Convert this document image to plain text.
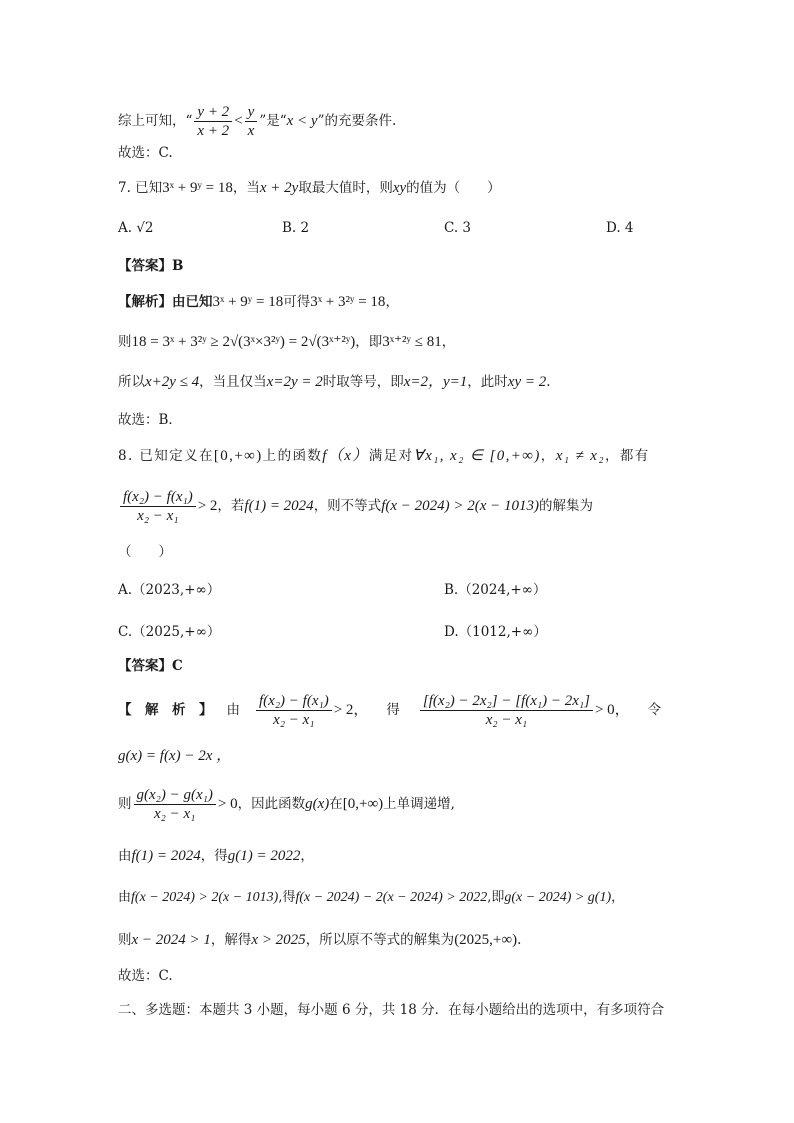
综上可知，“ $\frac{y + 2}{x + 2} < \frac{y}{x}$ ”是“x < y”的充要条件.
故选：C.
7. 已知3ˣ + 9ʸ = 18，当x + 2y取最大值时，则xy的值为（　　）
A. √2	B. 2	C. 3	D. 4
【答案】B
【解析】由已知3ˣ + 9ʸ = 18可得3ˣ + 3²ʸ = 18，
则18 = 3ˣ + 3²ʸ ≥ 2√(3ˣ×3²ʸ) = 2√(3ˣ⁺²ʸ)，即3ˣ⁺²ʸ ≤ 81，
所以x+2y ≤ 4，当且仅当x=2y = 2时取等号，即x=2，y=1，此时xy = 2.
故选：B．
8. 已知定义在[0,+∞)上的函数f（x）满足对∀x₁, x₂ ∈ [0,+∞)，x₁ ≠ x₂，都有
$\frac{\text{f(x₂) − f(x₁)}}{\text{x₂ − x₁}} > 2$，若f(1) = 2024，则不等式f(x − 2024) > 2(x − 1013)的解集为
（　　）
A.（2023,+∞）	B.（2024,+∞）
C.（2025,+∞）	D.（1012,+∞）
【答案】C
【　解　析　】 由 $\frac{\text{f(x₂) − f(x₁)}}{\text{x₂ − x₁}} > 2$， 得 $\frac{\text{[f(x₂) − 2x₂] − [f(x₁) − 2x₁]}}{\text{x₂ − x₁}} > 0$， 令
g(x) = f(x) − 2x ，
则 $\frac{\text{g(x₂) − g(x₁)}}{\text{x₂ − x₁}} > 0$，因此函数g(x)在[0,+∞)上单调递增,
由f(1) = 2024，得g(1) = 2022，
由f(x − 2024) > 2(x − 1013),得f(x − 2024) − 2(x − 2024) > 2022,即g(x − 2024) > g(1)，
则x − 2024 > 1，解得x > 2025，所以原不等式的解集为(2025,+∞).
故选：C.
二、多选题：本题共 3 小题，每小题 6 分，共 18 分．在每小题给出的选项中，有多项符合
